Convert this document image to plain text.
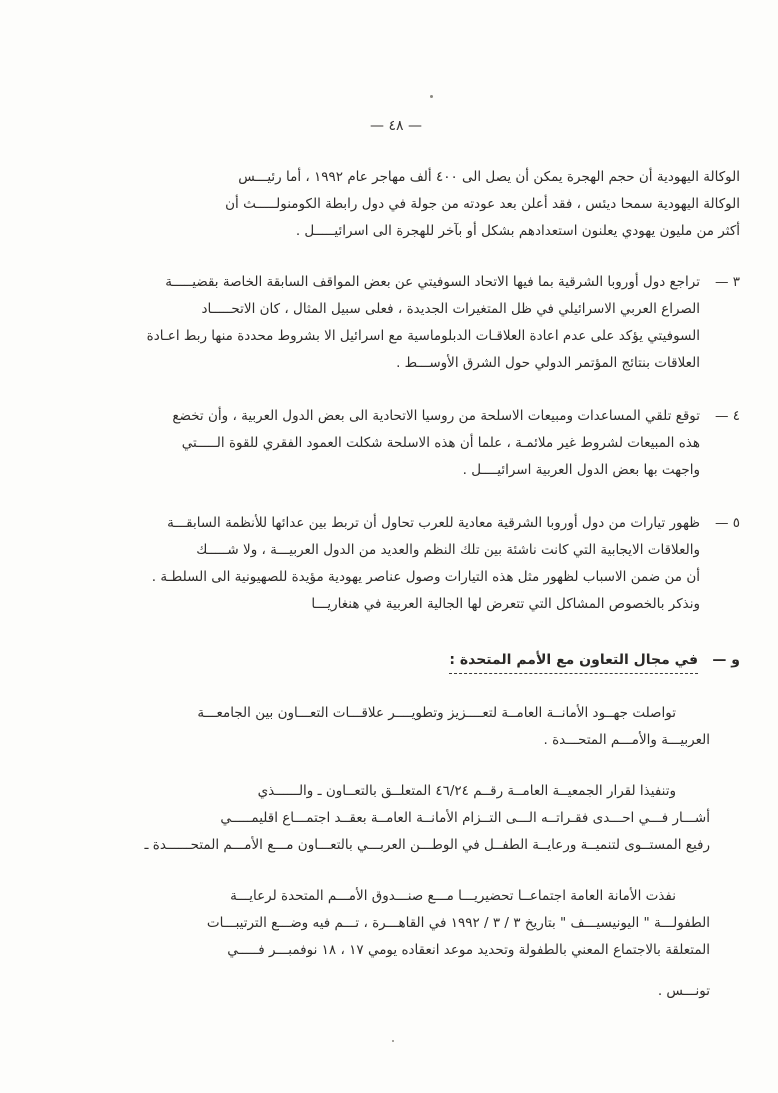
— ٤٨ —
الوكالة اليهودية أن حجم الهجرة يمكن أن يصل الى ٤٠٠ ألف مهاجر عام ١٩٩٢ ، أما رئيـــس
الوكالة اليهودية سمحا ديئس ، فقد أعلن بعد عودته من جولة في دول رابطة الكومنولـــــث أن
أكثر من مليون يهودي يعلنون استعدادهم بشكل أو بآخر للهجرة الى اسرائيـــــل .
٣ —
تراجع دول أوروبا الشرقية بما فيها الاتحاد السوفيتي عن بعض المواقف السابقة الخاصة بقضيـــــة
الصراع العربي الاسرائيلي في ظل المتغيرات الجديدة ، فعلى سبيل المثال ، كان الاتحـــــاد
السوفيتي يؤكد على عدم اعادة العلاقـات الدبلوماسية مع اسرائيل الا بشروط محددة منها ربط اعـادة
العلاقات بنتائج المؤتمر الدولي حول الشرق الأوســـط .
٤ —
توقع تلقي المساعدات ومبيعات الاسلحة من روسيا الاتحادية الى بعض الدول العربية ، وأن تخضع
هذه المبيعات لشروط غير ملائمـة ، علما أن هذه الاسلحة شكلت العمود الفقري للقوة الـــــتي
واجهت بها بعض الدول العربية اسرائيــــل .
٥ —
ظهور تيارات من دول أوروبا الشرقية معادية للعرب تحاول أن تربط بين عدائها للأنظمة السابقـــة
والعلاقات الايجابية التي كانت ناشئة بين تلك النظم والعديد من الدول العربيـــة ، ولا شـــــك
أن من ضمن الاسباب لظهور مثل هذه التيارات وصول عناصر يهودية مؤيدة للصهيونية الى السلطـة .
ونذكر بالخصوص المشاكل التي تتعرض لها الجالية العربية في هنغاريـــا
و —
في مجال التعاون مع الأمم المتحدة :
تواصلت جهــود الأمانــة العامــة لتعــــزيز وتطويــــر علاقـــات التعـــاون بين الجامعـــة
العربيـــة والأمـــم المتحـــدة .
وتنفيذا لقرار الجمعيــة العامــة رقــم ٤٦/٢٤ المتعلــق بالتعــاون ـ والــــــذي
أشـــار فـــي احـــدى فقـراتــه الـــى التــزام الأمانــة العامــة بعقــد اجتمـــاع اقليمـــــي
رفيع المستــوى لتنميــة ورعايــة الطفــل في الوطـــن العربـــي بالتعـــاون مـــع الأمـــم المتحــــــدة ـ
نفذت الأمانة العامة اجتماعــا تحضيريـــا مـــع صنـــدوق الأمـــم المتحدة لرعايـــة
الطفولـــة " اليونيسيـــف " بتاريخ ٣ / ٣ / ١٩٩٢ في القاهـــرة ، تـــم فيه وضـــع الترتيبـــات
المتعلقة بالاجتماع المعني بالطفولة وتحديد موعد انعقاده يومي ١٧ ، ١٨ نوفمبـــر فـــــي
تونـــس .
